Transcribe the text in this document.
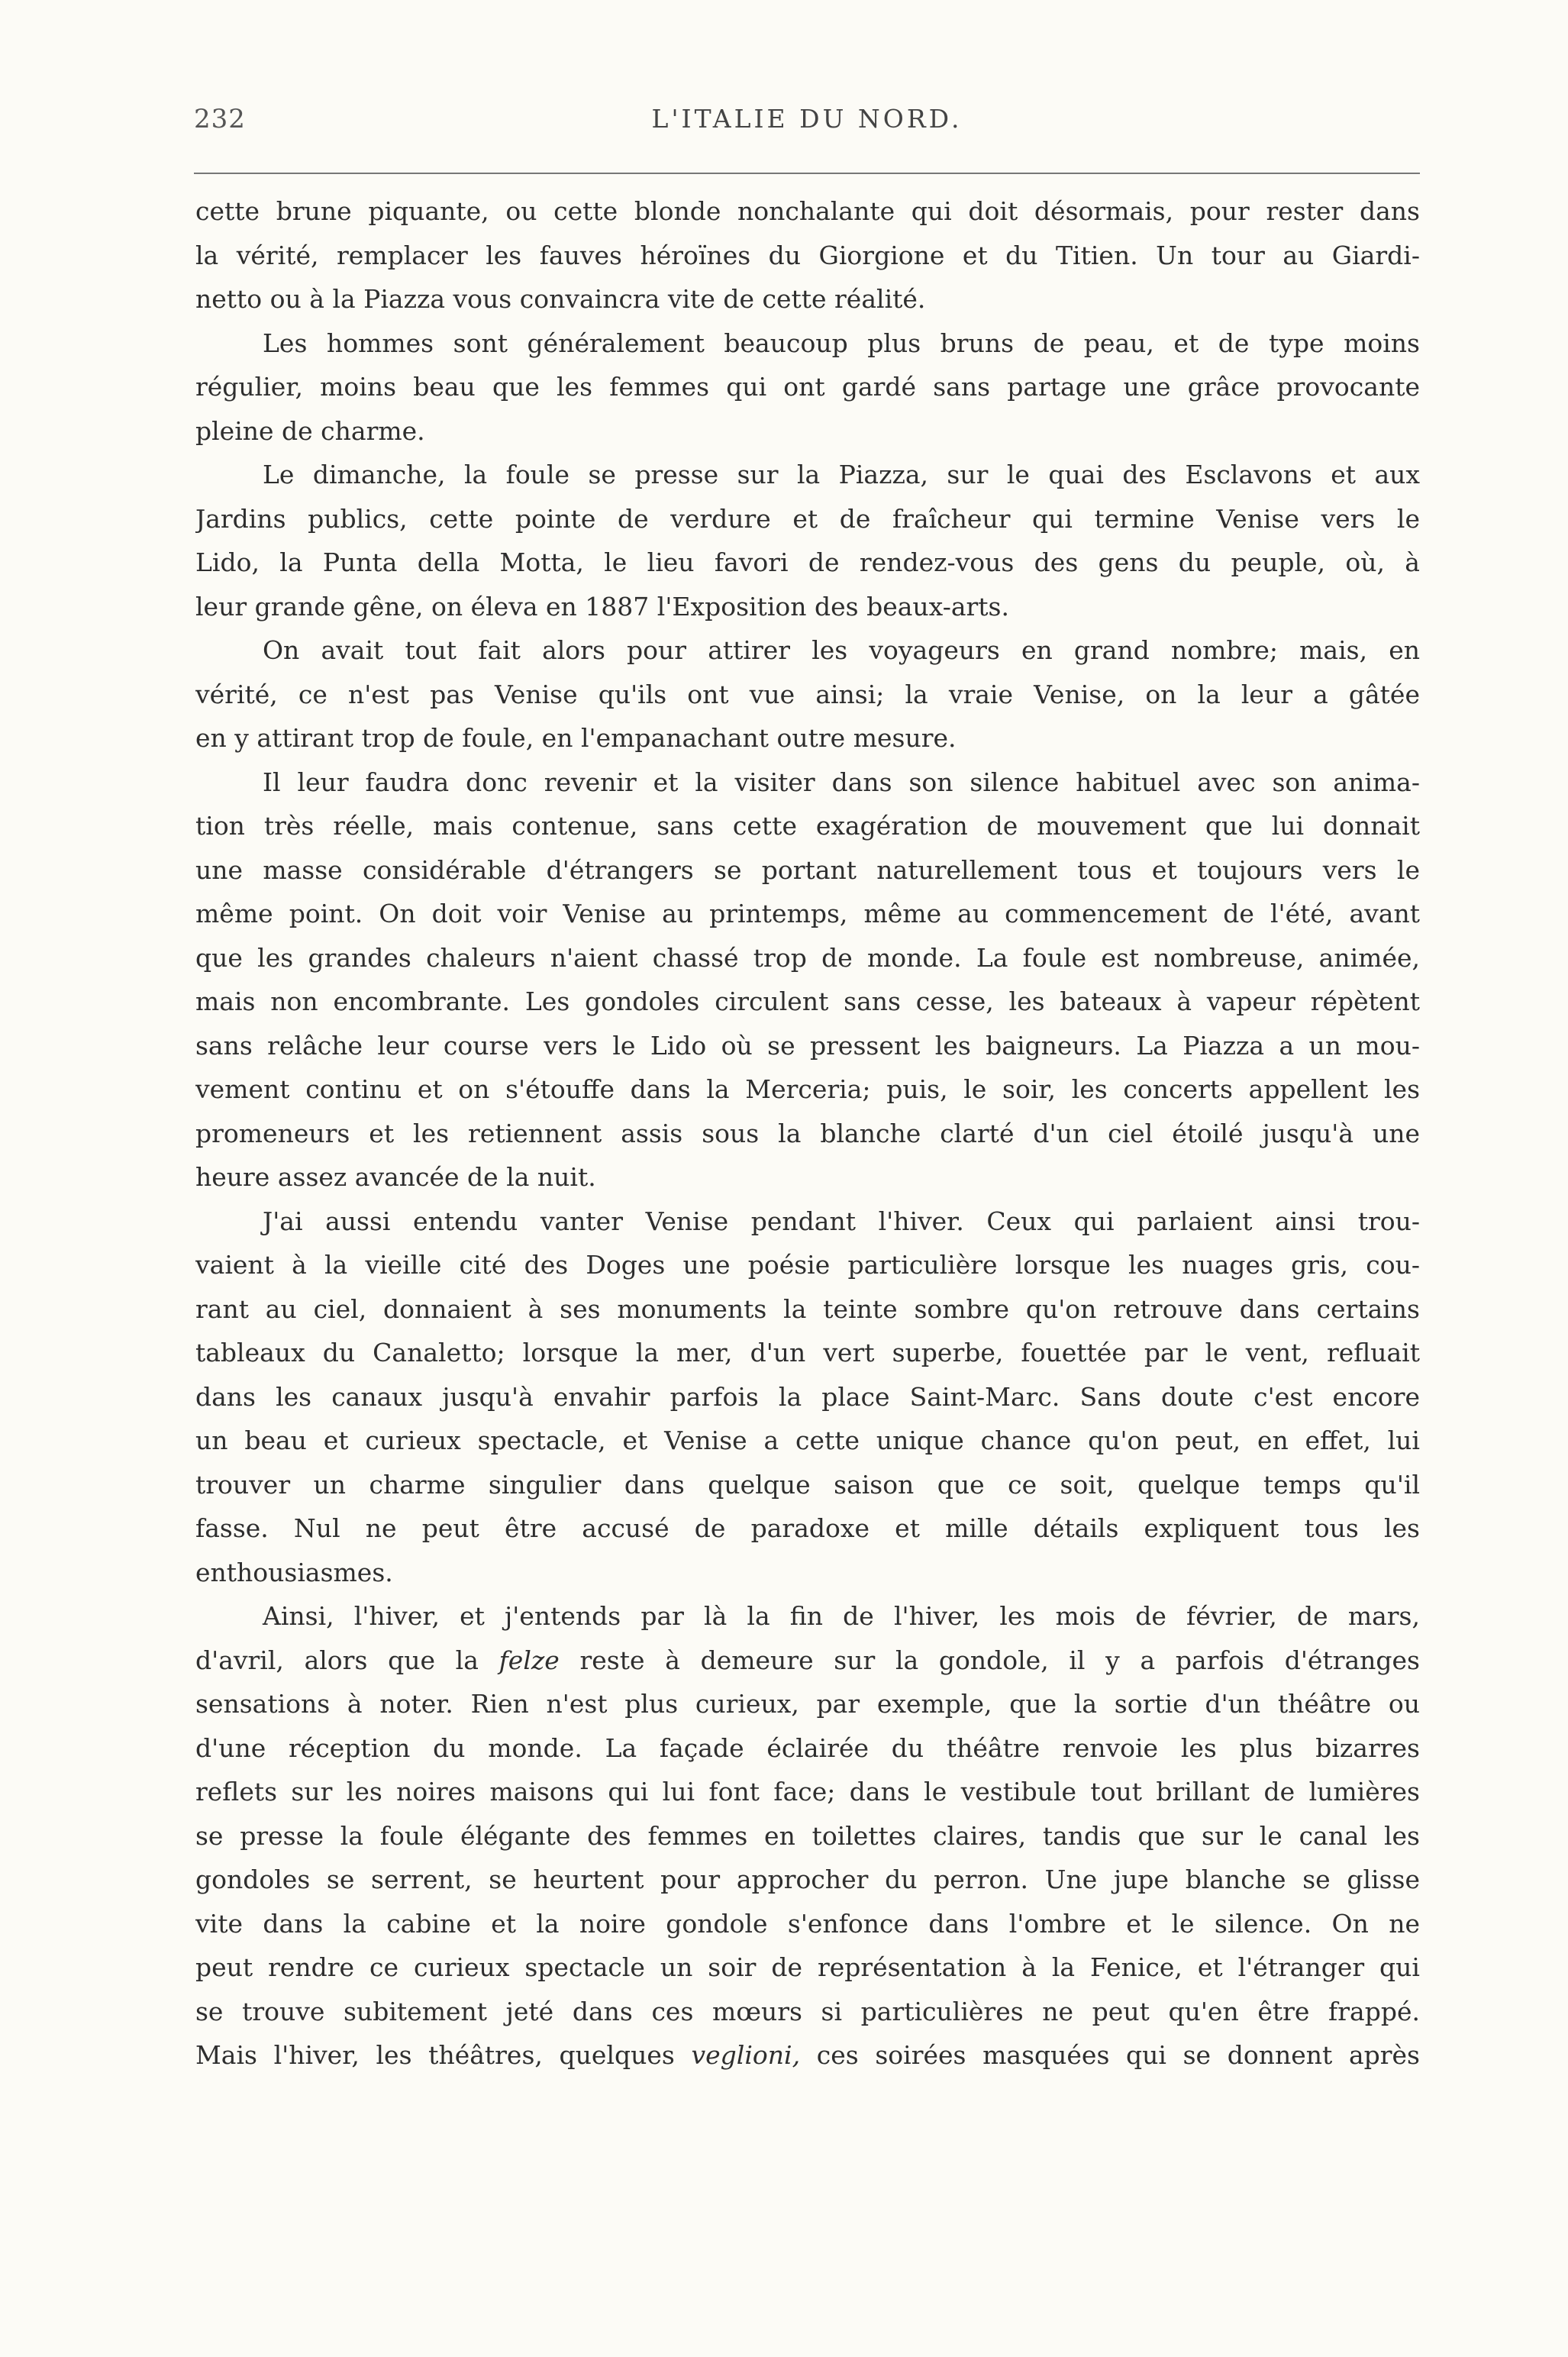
232	L'ITALIE DU NORD.
cette brune piquante, ou cette blonde nonchalante qui doit désormais, pour rester dans
la vérité, remplacer les fauves héroïnes du Giorgione et du Titien. Un tour au Giardi-
netto ou à la Piazza vous convaincra vite de cette réalité.
Les hommes sont généralement beaucoup plus bruns de peau, et de type moins
régulier, moins beau que les femmes qui ont gardé sans partage une grâce provocante
pleine de charme.
Le dimanche, la foule se presse sur la Piazza, sur le quai des Esclavons et aux
Jardins publics, cette pointe de verdure et de fraîcheur qui termine Venise vers le
Lido, la Punta della Motta, le lieu favori de rendez-vous des gens du peuple, où, à
leur grande gêne, on éleva en 1887 l'Exposition des beaux-arts.
On avait tout fait alors pour attirer les voyageurs en grand nombre; mais, en
vérité, ce n'est pas Venise qu'ils ont vue ainsi; la vraie Venise, on la leur a gâtée
en y attirant trop de foule, en l'empanachant outre mesure.
Il leur faudra donc revenir et la visiter dans son silence habituel avec son anima-
tion très réelle, mais contenue, sans cette exagération de mouvement que lui donnait
une masse considérable d'étrangers se portant naturellement tous et toujours vers le
même point. On doit voir Venise au printemps, même au commencement de l'été, avant
que les grandes chaleurs n'aient chassé trop de monde. La foule est nombreuse, animée,
mais non encombrante. Les gondoles circulent sans cesse, les bateaux à vapeur répètent
sans relâche leur course vers le Lido où se pressent les baigneurs. La Piazza a un mou-
vement continu et on s'étouffe dans la Merceria; puis, le soir, les concerts appellent les
promeneurs et les retiennent assis sous la blanche clarté d'un ciel étoilé jusqu'à une
heure assez avancée de la nuit.
J'ai aussi entendu vanter Venise pendant l'hiver. Ceux qui parlaient ainsi trou-
vaient à la vieille cité des Doges une poésie particulière lorsque les nuages gris, cou-
rant au ciel, donnaient à ses monuments la teinte sombre qu'on retrouve dans certains
tableaux du Canaletto; lorsque la mer, d'un vert superbe, fouettée par le vent, refluait
dans les canaux jusqu'à envahir parfois la place Saint-Marc. Sans doute c'est encore
un beau et curieux spectacle, et Venise a cette unique chance qu'on peut, en effet, lui
trouver un charme singulier dans quelque saison que ce soit, quelque temps qu'il
fasse. Nul ne peut être accusé de paradoxe et mille détails expliquent tous les
enthousiasmes.
Ainsi, l'hiver, et j'entends par là la fin de l'hiver, les mois de février, de mars,
d'avril, alors que la felze reste à demeure sur la gondole, il y a parfois d'étranges
sensations à noter. Rien n'est plus curieux, par exemple, que la sortie d'un théâtre ou
d'une réception du monde. La façade éclairée du théâtre renvoie les plus bizarres
reflets sur les noires maisons qui lui font face; dans le vestibule tout brillant de lumières
se presse la foule élégante des femmes en toilettes claires, tandis que sur le canal les
gondoles se serrent, se heurtent pour approcher du perron. Une jupe blanche se glisse
vite dans la cabine et la noire gondole s'enfonce dans l'ombre et le silence. On ne
peut rendre ce curieux spectacle un soir de représentation à la Fenice, et l'étranger qui
se trouve subitement jeté dans ces mœurs si particulières ne peut qu'en être frappé.
Mais l'hiver, les théâtres, quelques veglioni, ces soirées masquées qui se donnent après
